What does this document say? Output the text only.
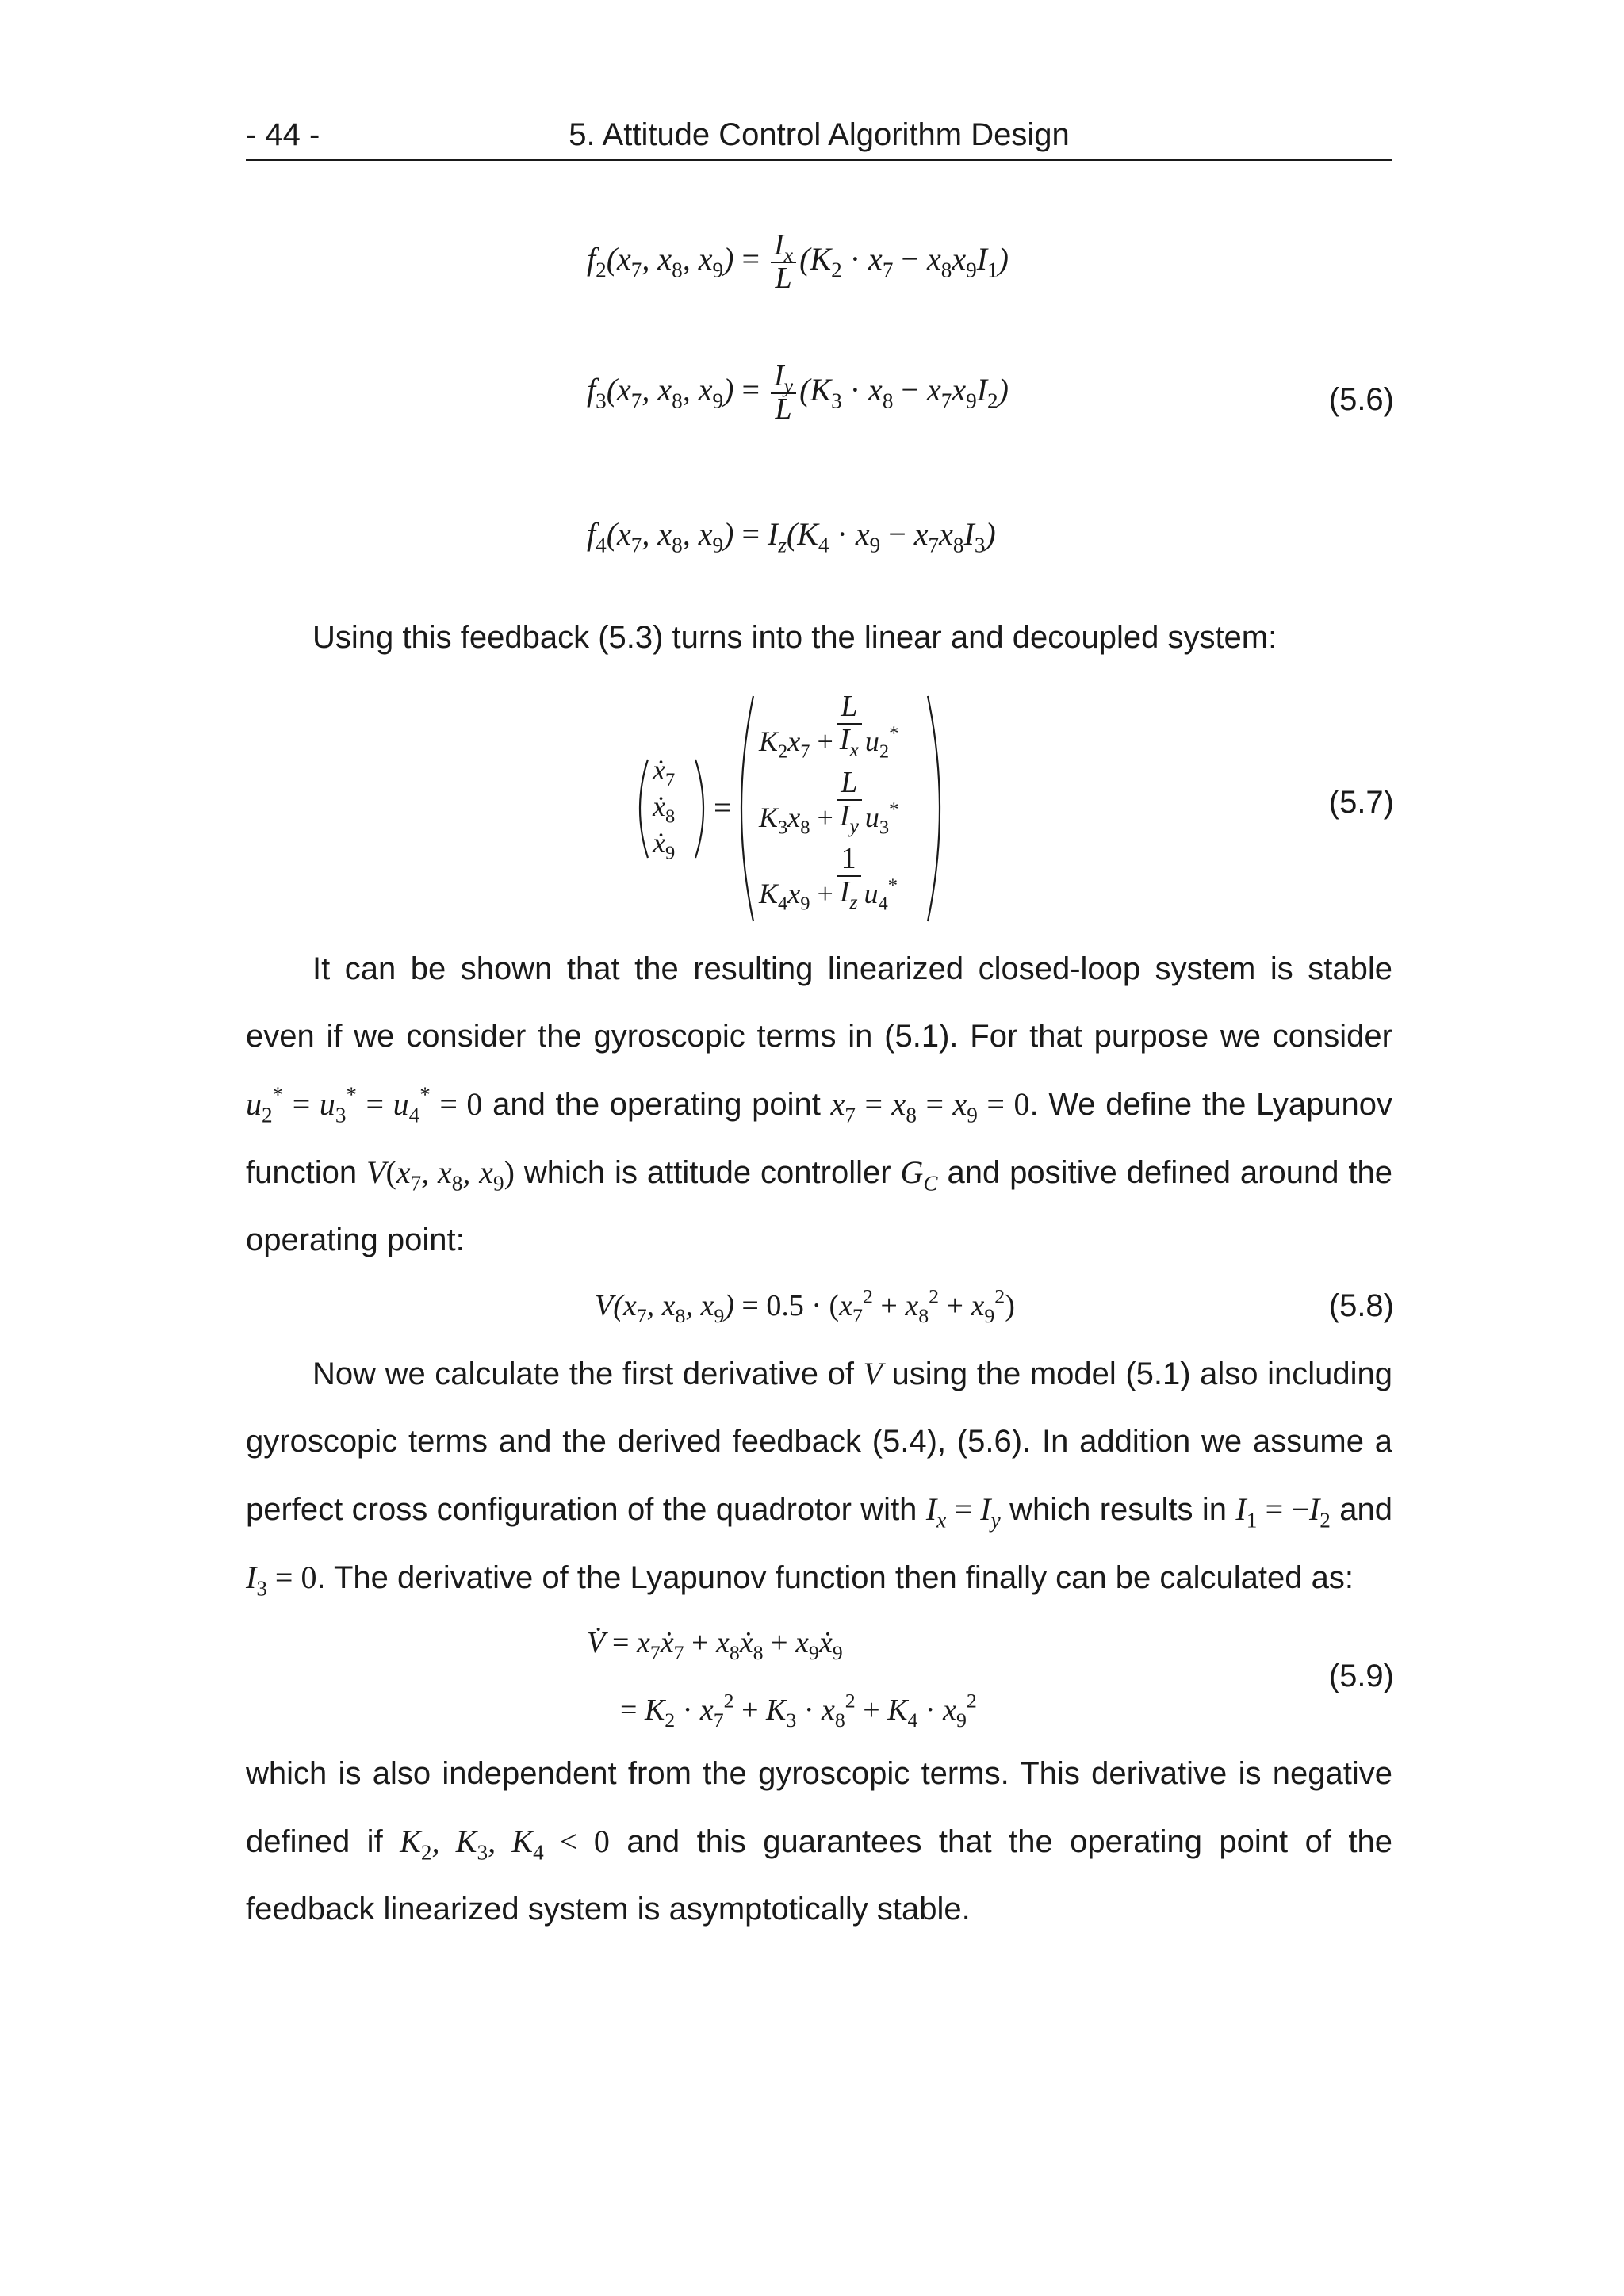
- 44 -	5. Attitude Control Algorithm Design
$f_2(x_7$, $x_8$, $x_9) = \frac{I_x}{L} (K_2 \cdot x_7 - x_8x_9I_1)$
$f_3(x_7$, $x_8$, $x_9) = \frac{I_y}{L} (K_3 \cdot x_8 - x_7x_9I_2)$	(5.6)
$f_4(x_7$, $x_8$, $x_9) = I_z(K_4 \cdot x_9 - x_7x_8I_3)$
Using this feedback (5.3) turns into the linear and decoupled system:
ẋ$_7$
ẋ$_8$
ẋ$_9$
=
$K_2x_7 + \frac{L}{I_x} u_2^*$
$K_3x_8 + \frac{L}{I_y} u_3^*$
$K_4x_9 + \frac{1}{I_z} u_4^*$
(5.7)
It can be shown that the resulting linearized closed-loop system is stable even if we consider the gyroscopic terms in (5.1). For that purpose we consider $u_2^* = u_3^* = u_4^* = 0$ and the operating point $x_7 = x_8 = x_9 = 0$. We define the Lyapunov function $V(x_7$, $x_8$, $x_9$) which is attitude controller $G_C$ and positive defined around the operating point:
$V(x_7$, $x_8$, $x_9) = 0.5 \cdot (x_7^2 + x_8^2 + x_9^2)$	(5.8)
Now we calculate the first derivative of V using the model (5.1) also including gyroscopic terms and the derived feedback (5.4), (5.6). In addition we assume a perfect cross configuration of the quadrotor with $I_x = I_y$ which results in $I_1 = -I_2$ and $I_3 = 0$. The derivative of the Lyapunov function then finally can be calculated as:
V̇ = $x_7ẋ_7$ + $x_8ẋ_8$ + $x_9ẋ_9$
= $K_2 \cdot x_7^2 + K_3 \cdot x_8^2 + K_4 \cdot x_9^2$
(5.9)
which is also independent from the gyroscopic terms. This derivative is negative defined if $K_2$, $K_3$, $K_4 < 0$ and this guarantees that the operating point of the feedback linearized system is asymptotically stable.
